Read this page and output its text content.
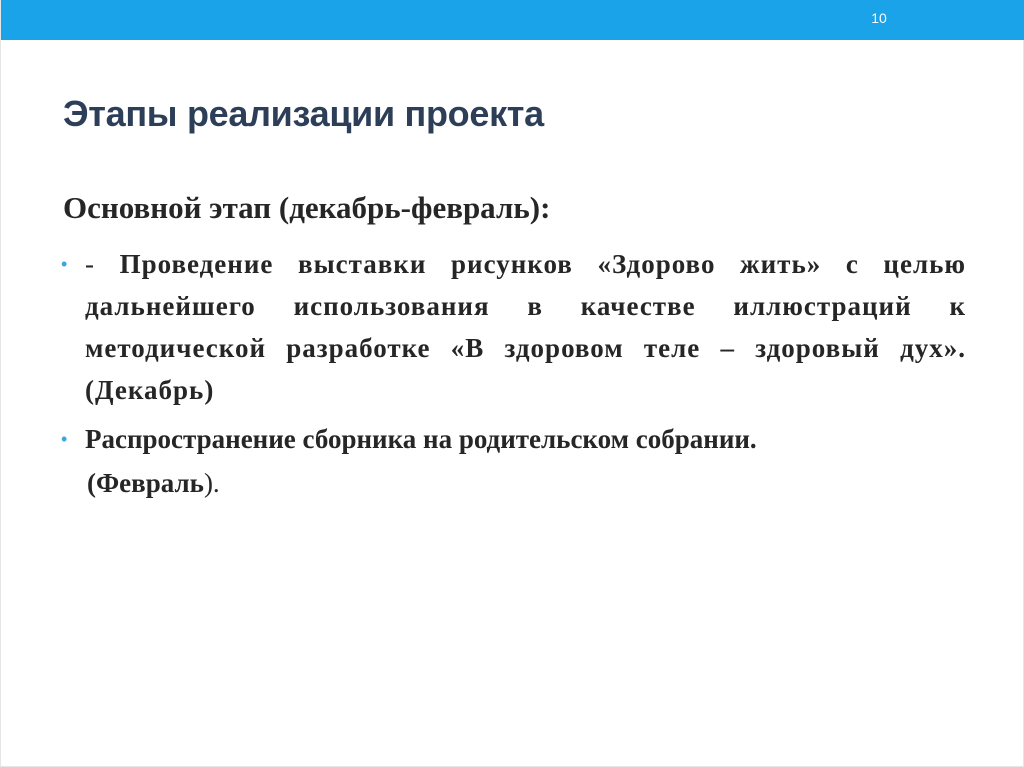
10
Этапы реализации проекта
Основной этап (декабрь-февраль):
• - Проведение выставки рисунков «Здорово жить» с целью дальнейшего использования в качестве иллюстраций к методической разработке «В здоровом теле – здоровый дух». (Декабрь)
• Распространение сборника на родительском собрании.
(Февраль).
